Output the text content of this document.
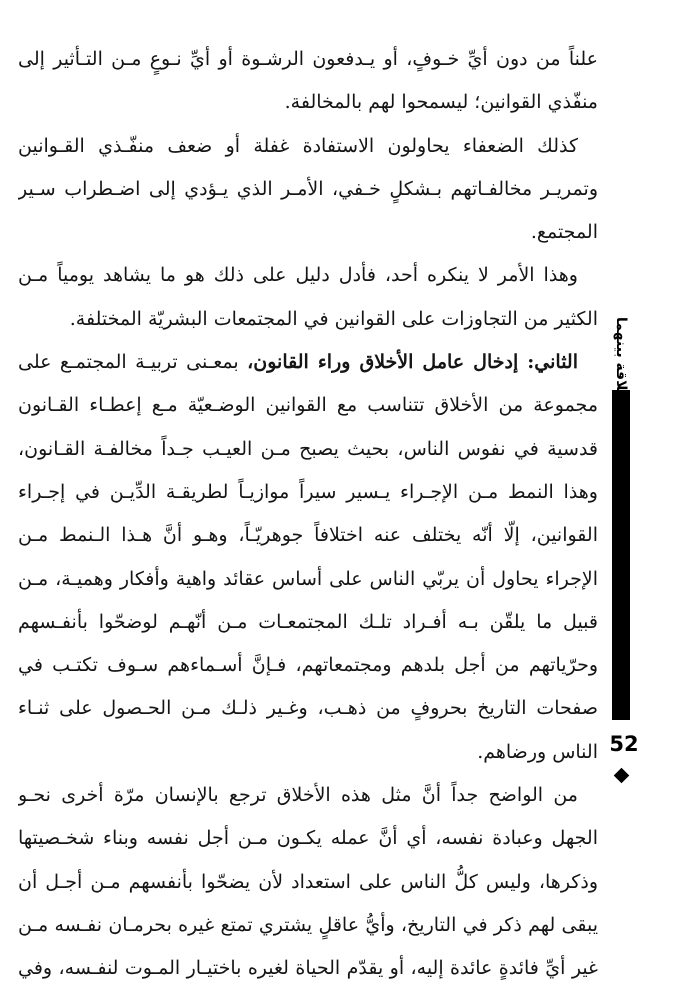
علناً من دون أيِّ خـوفٍ، أو يـدفعون الرشـوة أو أيِّ نـوعٍ مـن التـأثير إلى
منفّذي القوانين؛ ليسمحوا لهم بالمخالفة.
كذلك الضعفاء يحاولون الاستفادة غفلة أو ضعف منفّـذي القـوانين
وتمريـر مخالفـاتهم بـشكلٍ خـفي، الأمـر الذي يـؤدي إلى اضـطراب سـير
المجتمع.
وهذا الأمر لا ينكره أحد، فأدل دليل على ذلك هو ما يشاهد يومياً مـن
الكثير من التجاوزات على القوانين في المجتمعات البشريّة المختلفة.
الثاني: إدخال عامل الأخلاق وراء القانون، بمعـنى تربيـة المجتمـع على
مجموعة من الأخلاق تتناسب مع القوانين الوضـعيّة مـع إعطـاء القـانون
قدسية في نفوس الناس، بحيث يصبح مـن العيـب جـداً مخالفـة القـانون،
وهذا النمط مـن الإجـراء يـسير سيراً موازيـاً لطريقـة الدِّيـن في إجـراء
القوانين، إلّا أنّه يختلف عنه اختلافاً جوهريّـاً، وهـو أنَّ هـذا الـنمط مـن
الإجراء يحاول أن يربّي الناس على أساس عقائد واهية وأفكار وهميـة، مـن
قبيل ما يلقّن بـه أفـراد تلـك المجتمعـات مـن أنّهـم لوضحّوا بأنفـسهم
وحرّياتهم من أجل بلدهم ومجتمعاتهم، فـإنَّ أسـماءهم سـوف تكتـب في
صفحات التاريخ بحروفٍ من ذهـب، وغـير ذلـك مـن الحـصول على ثنـاء
الناس ورضاهم.
من الواضح جداً أنَّ مثل هذه الأخلاق ترجع بالإنسان مرّة أخرى نحـو
الجهل وعبادة نفسه، أي أنَّ عمله يكـون مـن أجل نفسه وبناء شخـصيتها
وذكرها، وليس كلُّ الناس على استعداد لأن يضحّوا بأنفسهم مـن أجـل أن
يبقى لهم ذكر في التاريخ، وأيُّ عاقلٍ يشتري تمتع غيره بحرمـان نفـسه مـن
غير أيِّ فائدةٍ عائدة إليه، أو يقدّم الحياة لغيره باختيـار المـوت لنفـسه، وفي
الدين والفلسفة وجدلية العلاقة بينهما
52
